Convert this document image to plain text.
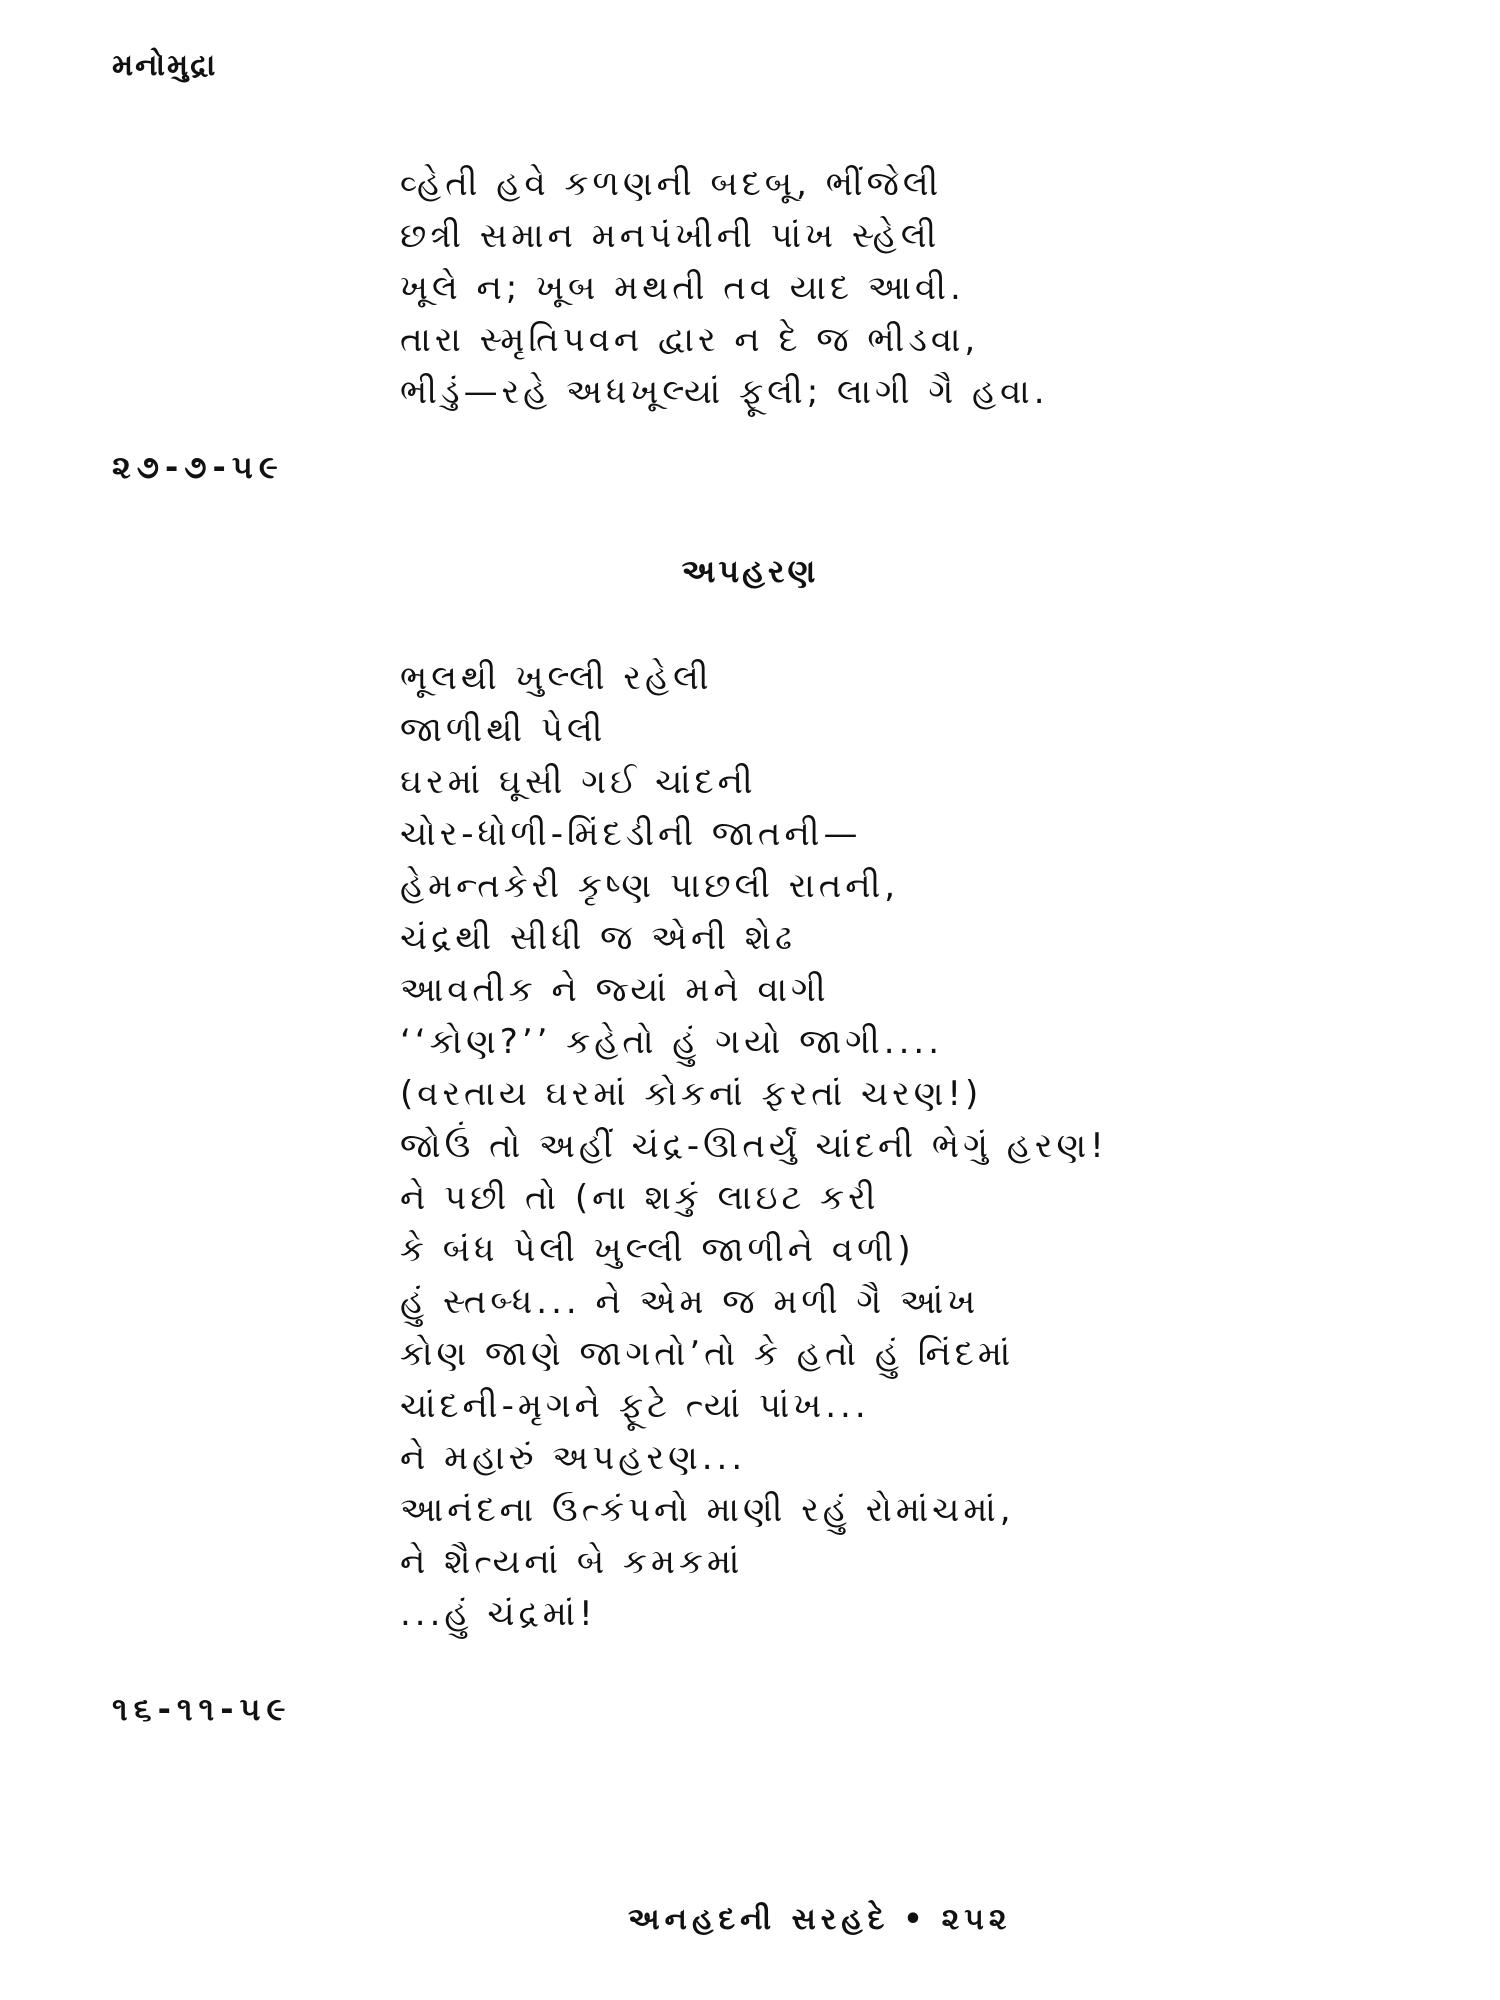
મનોમુદ્રા
વ્હેતી હવે કળણની બદબૂ, ભીંજેલી
છત્રી સમાન મનપંખીની પાંખ સ્હેલી
ખૂલે ન; ખૂબ મથતી તવ યાદ આવી.
તારા સ્મૃતિપવન દ્વાર ન દે જ ભીડવા,
ભીડું—રહે અધખૂલ્યાં ફૂલી; લાગી ગૈ હવા.
૨૭-૭-૫૯
અપહરણ
ભૂલથી ખુલ્લી રહેલી
જાળીથી પેલી
ઘરમાં ઘૂસી ગઈ ચાંદની
ચોર-ધોળી-મિંદડીની જાતની—
હેમન્તકેરી કૃષ્ણ પાછલી રાતની,
ચંદ્રથી સીધી જ એની શેઢ
આવતીક ને જ્યાં મને વાગી
‘‘કોણ?’’ કહેતો હું ગયો જાગી....
(વરતાય ઘરમાં કોકનાં ફરતાં ચરણ!)
જોઉં તો અહીં ચંદ્ર-ઊતર્યું ચાંદની ભેગું હરણ!
ને પછી તો (ના શકું લાઇટ કરી
કે બંધ પેલી ખુલ્લી જાળીને વળી)
હું સ્તબ્ધ... ને એમ જ મળી ગૈ આંખ
કોણ જાણે જાગતો’તો કે હતો હું નિંદમાં
ચાંદની-મૃગને ફૂટે ત્યાં પાંખ...
ને મહારું અપહરણ...
આનંદના ઉત્કંપનો માણી રહું રોમાંચમાં,
ને શૈત્યનાં બે કમકમાં
...હું ચંદ્રમાં!
૧૬-૧૧-૫૯
અનહદની સરહદે • ૨૫૨
